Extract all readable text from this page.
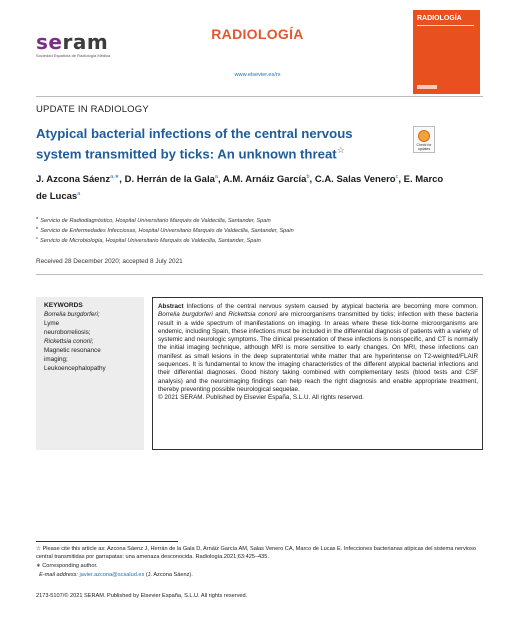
seram
Sociedad Española de Radiología Médica
RADIOLOGÍA
www.elsevier.es/rx
RADIOLOGÍA
UPDATE IN RADIOLOGY
Atypical bacterial infections of the central nervous system transmitted by ticks: An unknown threat☆	Check for updates
J. Azcona Sáenz$^{a,∗}$, D. Herrán de la Gala$^a$, A.M. Arnáiz García$^b$, C.A. Salas Venero$^c$, E. Marco de Lucas$^a$
$^a$Servicio de Radiodiagnóstico, Hospital Universitario Marqués de Valdecilla, Santander, Spain
$^b$Servicio de Enfermedades Infecciosas, Hospital Universitario Marqués de Valdecilla, Santander, Spain
$^c$Servicio de Microbiología, Hospital Universitario Marqués de Valdecilla, Santander, Spain
Received 28 December 2020; accepted 8 July 2021
KEYWORDS
Borrelia burgdorferi;
Lyme
neuroborreliosis;
Rickettsia conorii;
Magnetic resonance
imaging;
Leukoencephalopathy
Abstract Infections of the central nervous system caused by atypical bacteria are becoming more common. Borrelia burgdorferi and Rickettsia conorii are microorganisms transmitted by ticks; infection with these bacteria result in a wide spectrum of manifestations on imaging. In areas where these tick-borne microorganisms are endemic, including Spain, these infections must be included in the differential diagnosis of patients with a variety of systemic and neurologic symptoms. The clinical presentation of these infections is nonspecific, and CT is normally the initial imaging technique, although MRI is more sensitive to early changes. On MRI, these infections can manifest as small lesions in the deep supratentorial white matter that are hyperintense on T2-weighted/FLAIR sequences. It is fundamental to know the imaging characteristics of the different atypical bacterial infections and their differential diagnoses. Good history taking combined with complementary tests (blood tests and CSF analysis) and the neuroimaging findings can help reach the right diagnosis and enable appropriate treatment, thereby preventing possible neurological sequelae.
© 2021 SERAM. Published by Elsevier España, S.L.U. All rights reserved.
☆ Please cite this article as: Azcona Sáenz J, Herrán de la Gala D, Arnáiz García AM, Salas Venero CA, Marco de Lucas E. Infecciones bacterianas atípicas del sistema nervioso central transmitidas por garrapatas: una amenaza desconocida. Radiología.2021;63:425–435.
∗ Corresponding author.
E-mail address: javier.azcona@scsalud.es (J. Azcona Sáenz).
2173-5107/© 2021 SERAM. Published by Elsevier España, S.L.U. All rights reserved.
